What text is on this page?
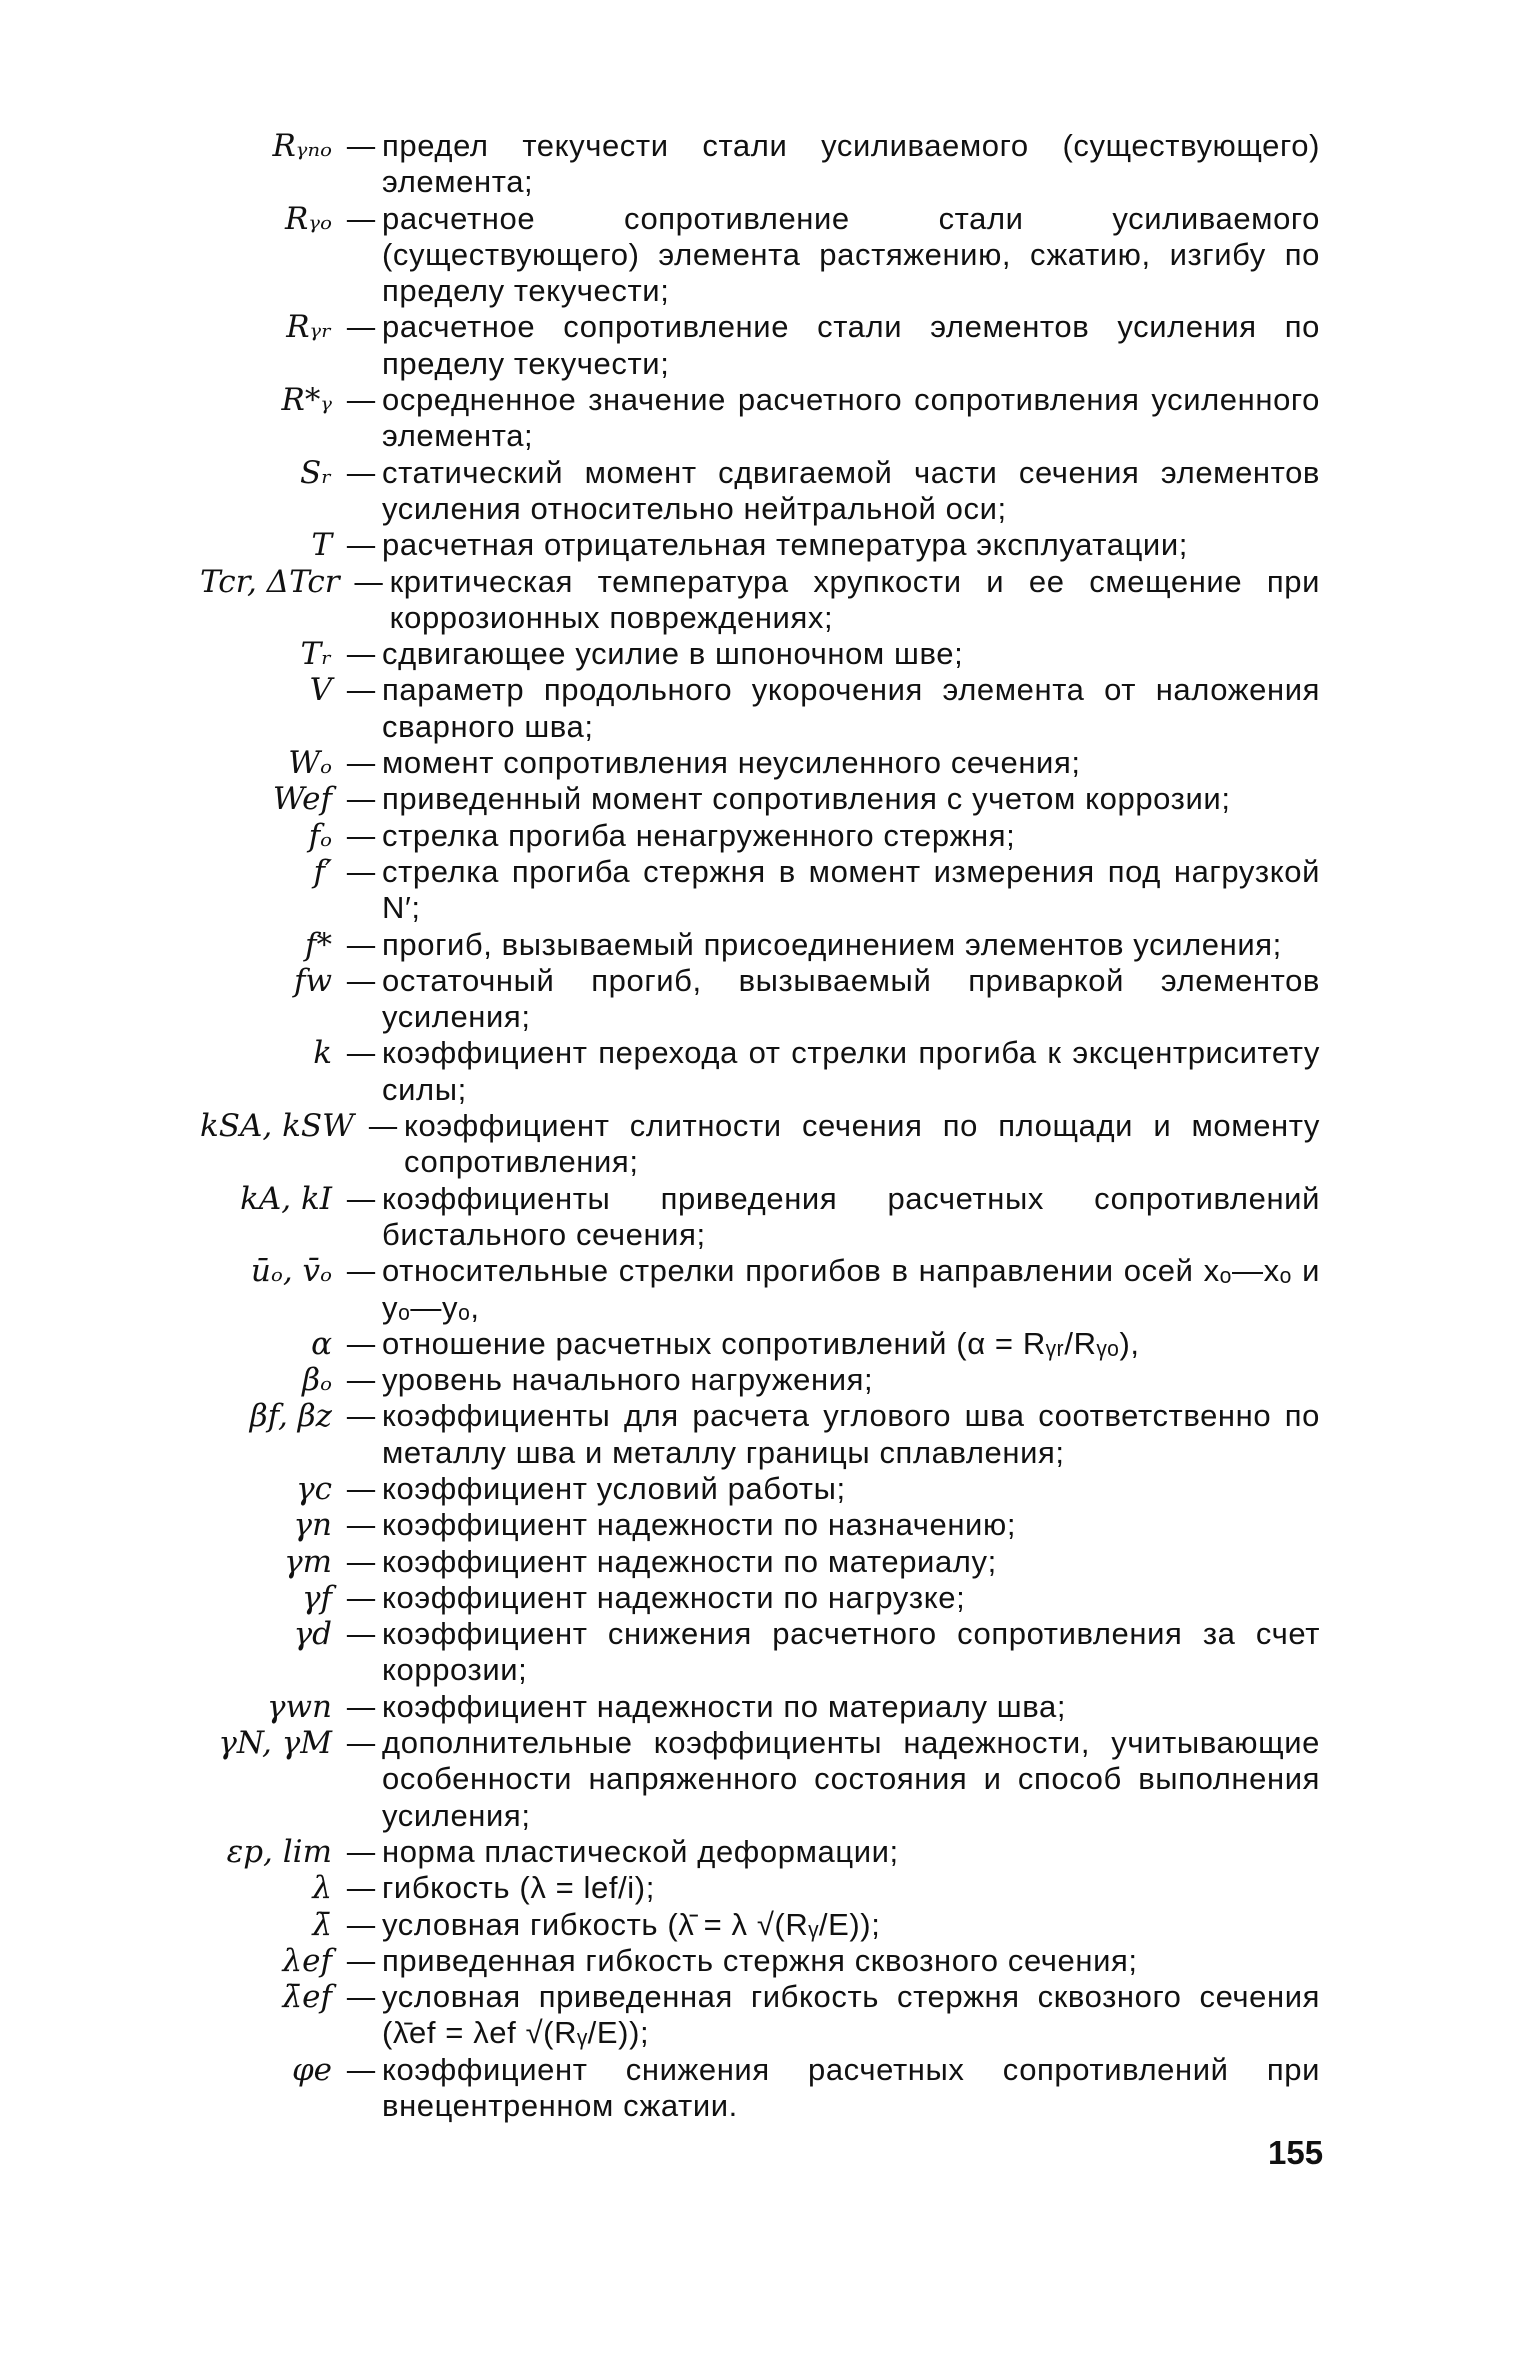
Rᵧₙₒ — предел текучести стали усиливаемого (существующего) элемента;
Rᵧₒ — расчетное сопротивление стали усиливаемого (существующего) элемента растяжению, сжатию, изгибу по пределу текучести;
Rᵧᵣ — расчетное сопротивление стали элементов усиления по пределу текучести;
R*ᵧ — осредненное значение расчетного сопротивления усиленного элемента;
Sᵣ — статический момент сдвигаемой части сечения элементов усиления относительно нейтральной оси;
T — расчетная отрицательная температура эксплуатации;
Tcr, ΔTcr — критическая температура хрупкости и ее смещение при коррозионных повреждениях;
Tᵣ — сдвигающее усилие в шпоночном шве;
V — параметр продольного укорочения элемента от наложения сварного шва;
Wₒ — момент сопротивления неусиленного сечения;
Wef — приведенный момент сопротивления с учетом коррозии;
fₒ — стрелка прогиба ненагруженного стержня;
f′ — стрелка прогиба стержня в момент измерения под нагрузкой N′;
f* — прогиб, вызываемый присоединением элементов усиления;
fw — остаточный прогиб, вызываемый приваркой элементов усиления;
k — коэффициент перехода от стрелки прогиба к эксцентриситету силы;
kSA, kSW — коэффициент слитности сечения по площади и моменту сопротивления;
kA, kI — коэффициенты приведения расчетных сопротивлений бистального сечения;
ūₒ, v̄ₒ — относительные стрелки прогибов в направлении осей xₒ—xₒ и yₒ—yₒ,
α — отношение расчетных сопротивлений (α = Rᵧᵣ/Rᵧₒ),
βₒ — уровень начального нагружения;
βf, βz — коэффициенты для расчета углового шва соответственно по металлу шва и металлу границы сплавления;
γc — коэффициент условий работы;
γn — коэффициент надежности по назначению;
γm — коэффициент надежности по материалу;
γf — коэффициент надежности по нагрузке;
γd — коэффициент снижения расчетного сопротивления за счет коррозии;
γwn — коэффициент надежности по материалу шва;
γN, γM — дополнительные коэффициенты надежности, учитывающие особенности напряженного состояния и способ выполнения усиления;
εp, lim — норма пластической деформации;
λ — гибкость (λ = lef/i);
λ̄ — условная гибкость (λ̄ = λ √(Rᵧ/E));
λef — приведенная гибкость стержня сквозного сечения;
λ̄ef — условная приведенная гибкость стержня сквозного сечения (λ̄ef = λef √(Rᵧ/E));
φe — коэффициент снижения расчетных сопротивлений при внецентренном сжатии.
155
